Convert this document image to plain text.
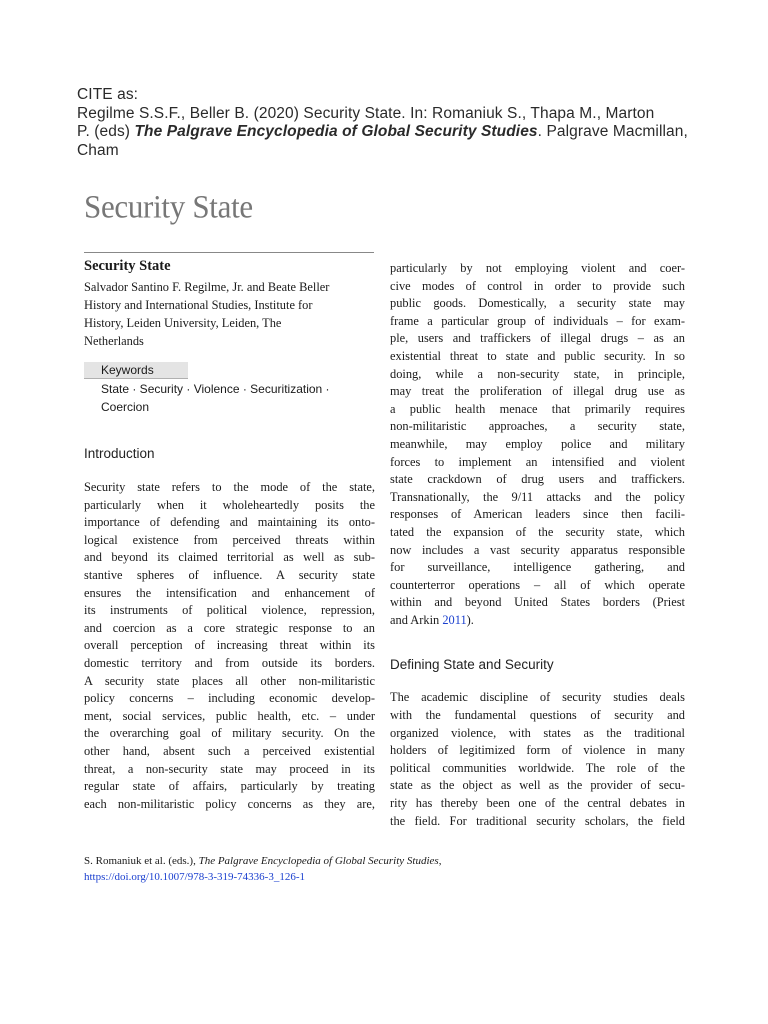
CITE as:
Regilme S.S.F., Beller B. (2020) Security State. In: Romaniuk S., Thapa M., Marton
P. (eds) The Palgrave Encyclopedia of Global Security Studies. Palgrave Macmillan,
Cham
Security State
Security State
Salvador Santino F. Regilme, Jr. and Beate Beller
History and International Studies, Institute for
History, Leiden University, Leiden, The
Netherlands
Keywords
State · Security · Violence · Securitization ·
Coercion
Introduction
Security state refers to the mode of the state,
particularly when it wholeheartedly posits the
importance of defending and maintaining its onto-
logical existence from perceived threats within
and beyond its claimed territorial as well as sub-
stantive spheres of influence. A security state
ensures the intensification and enhancement of
its instruments of political violence, repression,
and coercion as a core strategic response to an
overall perception of increasing threat within its
domestic territory and from outside its borders.
A security state places all other non-militaristic
policy concerns – including economic develop-
ment, social services, public health, etc. – under
the overarching goal of military security. On the
other hand, absent such a perceived existential
threat, a non-security state may proceed in its
regular state of affairs, particularly by treating
each non-militaristic policy concerns as they are,
particularly by not employing violent and coer-
cive modes of control in order to provide such
public goods. Domestically, a security state may
frame a particular group of individuals – for exam-
ple, users and traffickers of illegal drugs – as an
existential threat to state and public security. In so
doing, while a non-security state, in principle,
may treat the proliferation of illegal drug use as
a public health menace that primarily requires
non-militaristic approaches, a security state,
meanwhile, may employ police and military
forces to implement an intensified and violent
state crackdown of drug users and traffickers.
Transnationally, the 9/11 attacks and the policy
responses of American leaders since then facili-
tated the expansion of the security state, which
now includes a vast security apparatus responsible
for surveillance, intelligence gathering, and
counterterror operations – all of which operate
within and beyond United States borders (Priest
and Arkin 2011).
Defining State and Security
The academic discipline of security studies deals
with the fundamental questions of security and
organized violence, with states as the traditional
holders of legitimized form of violence in many
political communities worldwide. The role of the
state as the object as well as the provider of secu-
rity has thereby been one of the central debates in
the field. For traditional security scholars, the field
S. Romaniuk et al. (eds.), The Palgrave Encyclopedia of Global Security Studies,
https://doi.org/10.1007/978-3-319-74336-3_126-1
